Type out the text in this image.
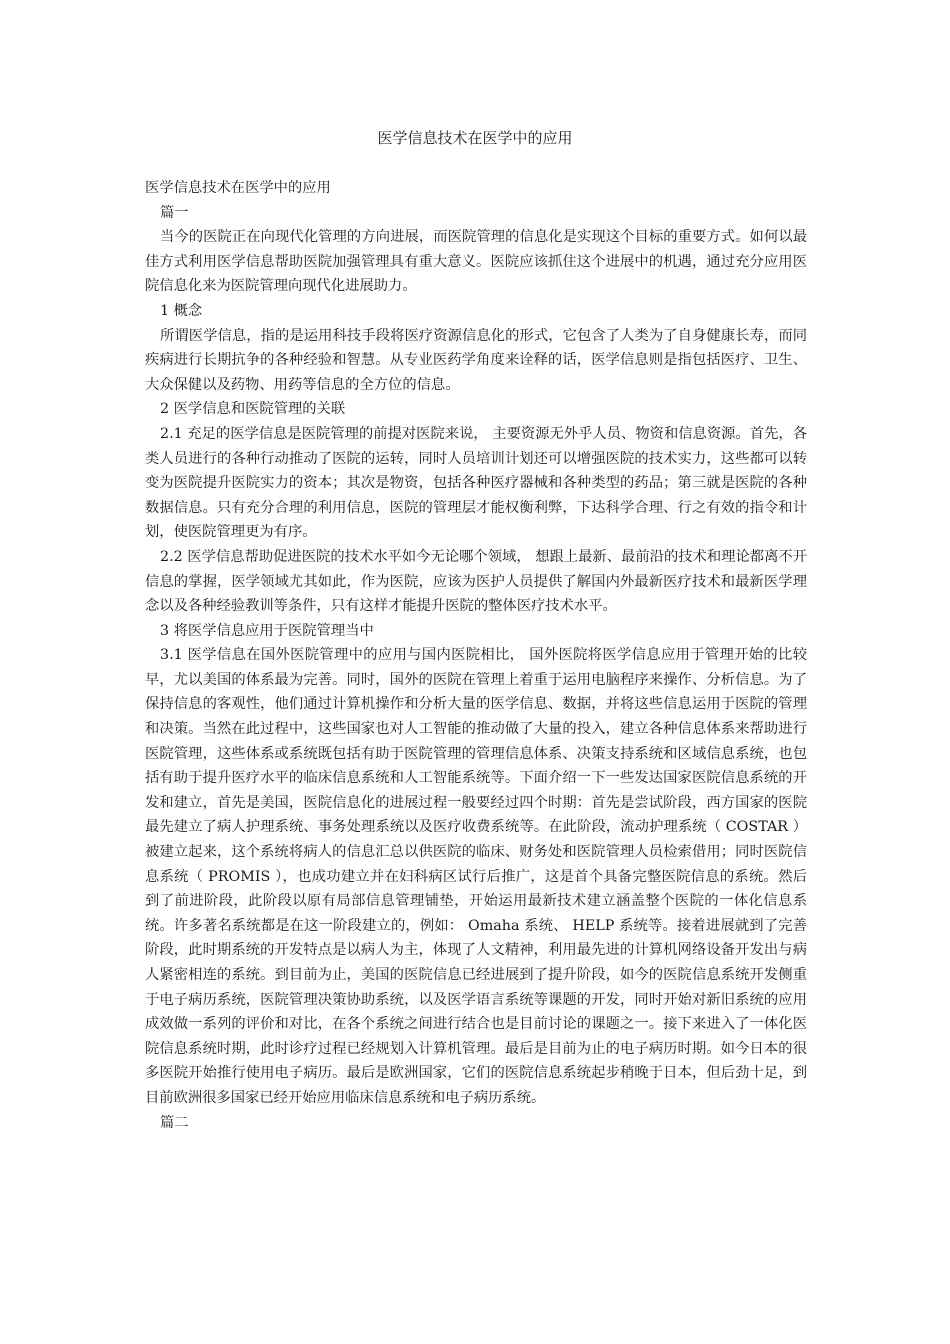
医学信息技术在医学中的应用

医学信息技术在医学中的应用

篇一

当今的医院正在向现代化管理的方向进展，而医院管理的信息化是实现这个目标的重要方式。如何以最佳方式利用医学信息帮助医院加强管理具有重大意义。医院应该抓住这个进展中的机遇，通过充分应用医院信息化来为医院管理向现代化进展助力。

1 概念

所谓医学信息，指的是运用科技手段将医疗资源信息化的形式，它包含了人类为了自身健康长寿，而同疾病进行长期抗争的各种经验和智慧。从专业医药学角度来诠释的话，医学信息则是指包括医疗、卫生、大众保健以及药物、用药等信息的全方位的信息。

2 医学信息和医院管理的关联

2.1 充足的医学信息是医院管理的前提对医院来说， 主要资源无外乎人员、物资和信息资源。首先，各类人员进行的各种行动推动了医院的运转，同时人员培训计划还可以增强医院的技术实力，这些都可以转变为医院提升医院实力的资本；其次是物资，包括各种医疗器械和各种类型的药品；第三就是医院的各种数据信息。只有充分合理的利用信息，医院的管理层才能权衡利弊，下达科学合理、行之有效的指令和计划，使医院管理更为有序。

2.2 医学信息帮助促进医院的技术水平如今无论哪个领域， 想跟上最新、最前沿的技术和理论都离不开信息的掌握，医学领域尤其如此，作为医院，应该为医护人员提供了解国内外最新医疗技术和最新医学理念以及各种经验教训等条件，只有这样才能提升医院的整体医疗技术水平。

3 将医学信息应用于医院管理当中

3.1 医学信息在国外医院管理中的应用与国内医院相比， 国外医院将医学信息应用于管理开始的比较早，尤以美国的体系最为完善。同时，国外的医院在管理上着重于运用电脑程序来操作、分析信息。为了保持信息的客观性，他们通过计算机操作和分析大量的医学信息、数据，并将这些信息运用于医院的管理和决策。当然在此过程中，这些国家也对人工智能的推动做了大量的投入，建立各种信息体系来帮助进行医院管理，这些体系或系统既包括有助于医院管理的管理信息体系、决策支持系统和区域信息系统，也包括有助于提升医疗水平的临床信息系统和人工智能系统等。下面介绍一下一些发达国家医院信息系统的开发和建立，首先是美国，医院信息化的进展过程一般要经过四个时期：首先是尝试阶段，西方国家的医院最先建立了病人护理系统、事务处理系统以及医疗收费系统等。在此阶段，流动护理系统（ COSTAR ）被建立起来，这个系统将病人的信息汇总以供医院的临床、财务处和医院管理人员检索借用；同时医院信息系统（ PROMIS ），也成功建立并在妇科病区试行后推广，这是首个具备完整医院信息的系统。然后到了前进阶段，此阶段以原有局部信息管理铺垫，开始运用最新技术建立涵盖整个医院的一体化信息系统。许多著名系统都是在这一阶段建立的，例如： Omaha 系统、 HELP 系统等。接着进展就到了完善阶段，此时期系统的开发特点是以病人为主，体现了人文精神，利用最先进的计算机网络设备开发出与病人紧密相连的系统。到目前为止，美国的医院信息已经进展到了提升阶段，如今的医院信息系统开发侧重于电子病历系统，医院管理决策协助系统，以及医学语言系统等课题的开发，同时开始对新旧系统的应用成效做一系列的评价和对比，在各个系统之间进行结合也是目前讨论的课题之一。接下来进入了一体化医院信息系统时期，此时诊疗过程已经规划入计算机管理。最后是目前为止的电子病历时期。如今日本的很多医院开始推行使用电子病历。最后是欧洲国家，它们的医院信息系统起步稍晚于日本，但后劲十足，到目前欧洲很多国家已经开始应用临床信息系统和电子病历系统。

篇二
